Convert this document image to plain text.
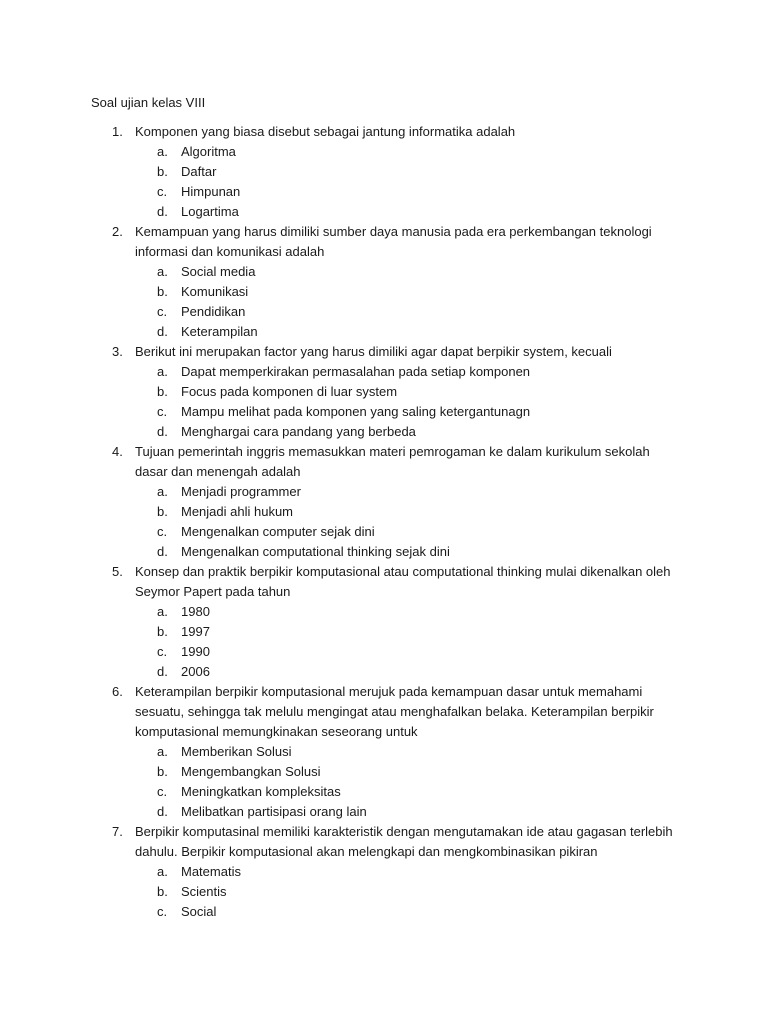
Soal ujian kelas VIII
1. Komponen yang biasa disebut sebagai jantung informatika adalah
a. Algoritma
b. Daftar
c. Himpunan
d. Logartima
2. Kemampuan yang harus dimiliki sumber daya manusia pada era perkembangan teknologi informasi dan komunikasi adalah
a. Social media
b. Komunikasi
c. Pendidikan
d. Keterampilan
3. Berikut ini merupakan factor yang harus dimiliki agar dapat berpikir system, kecuali
a. Dapat memperkirakan permasalahan pada setiap komponen
b. Focus pada komponen di luar system
c. Mampu melihat pada komponen yang saling ketergantunagn
d. Menghargai cara pandang yang berbeda
4. Tujuan pemerintah inggris memasukkan materi pemrogaman ke dalam kurikulum sekolah dasar dan menengah adalah
a. Menjadi programmer
b. Menjadi ahli hukum
c. Mengenalkan computer sejak dini
d. Mengenalkan computational thinking sejak dini
5. Konsep dan praktik berpikir komputasional atau computational thinking mulai dikenalkan oleh Seymor Papert pada tahun
a. 1980
b. 1997
c. 1990
d. 2006
6. Keterampilan berpikir komputasional merujuk pada kemampuan dasar untuk memahami sesuatu, sehingga tak melulu mengingat atau menghafalkan belaka. Keterampilan berpikir komputasional memungkinakan seseorang untuk
a. Memberikan Solusi
b. Mengembangkan Solusi
c. Meningkatkan kompleksitas
d. Melibatkan partisipasi orang lain
7. Berpikir komputasinal memiliki karakteristik dengan mengutamakan ide atau gagasan terlebih dahulu. Berpikir komputasional akan melengkapi dan mengkombinasikan pikiran
a. Matematis
b. Scientis
c. Social
